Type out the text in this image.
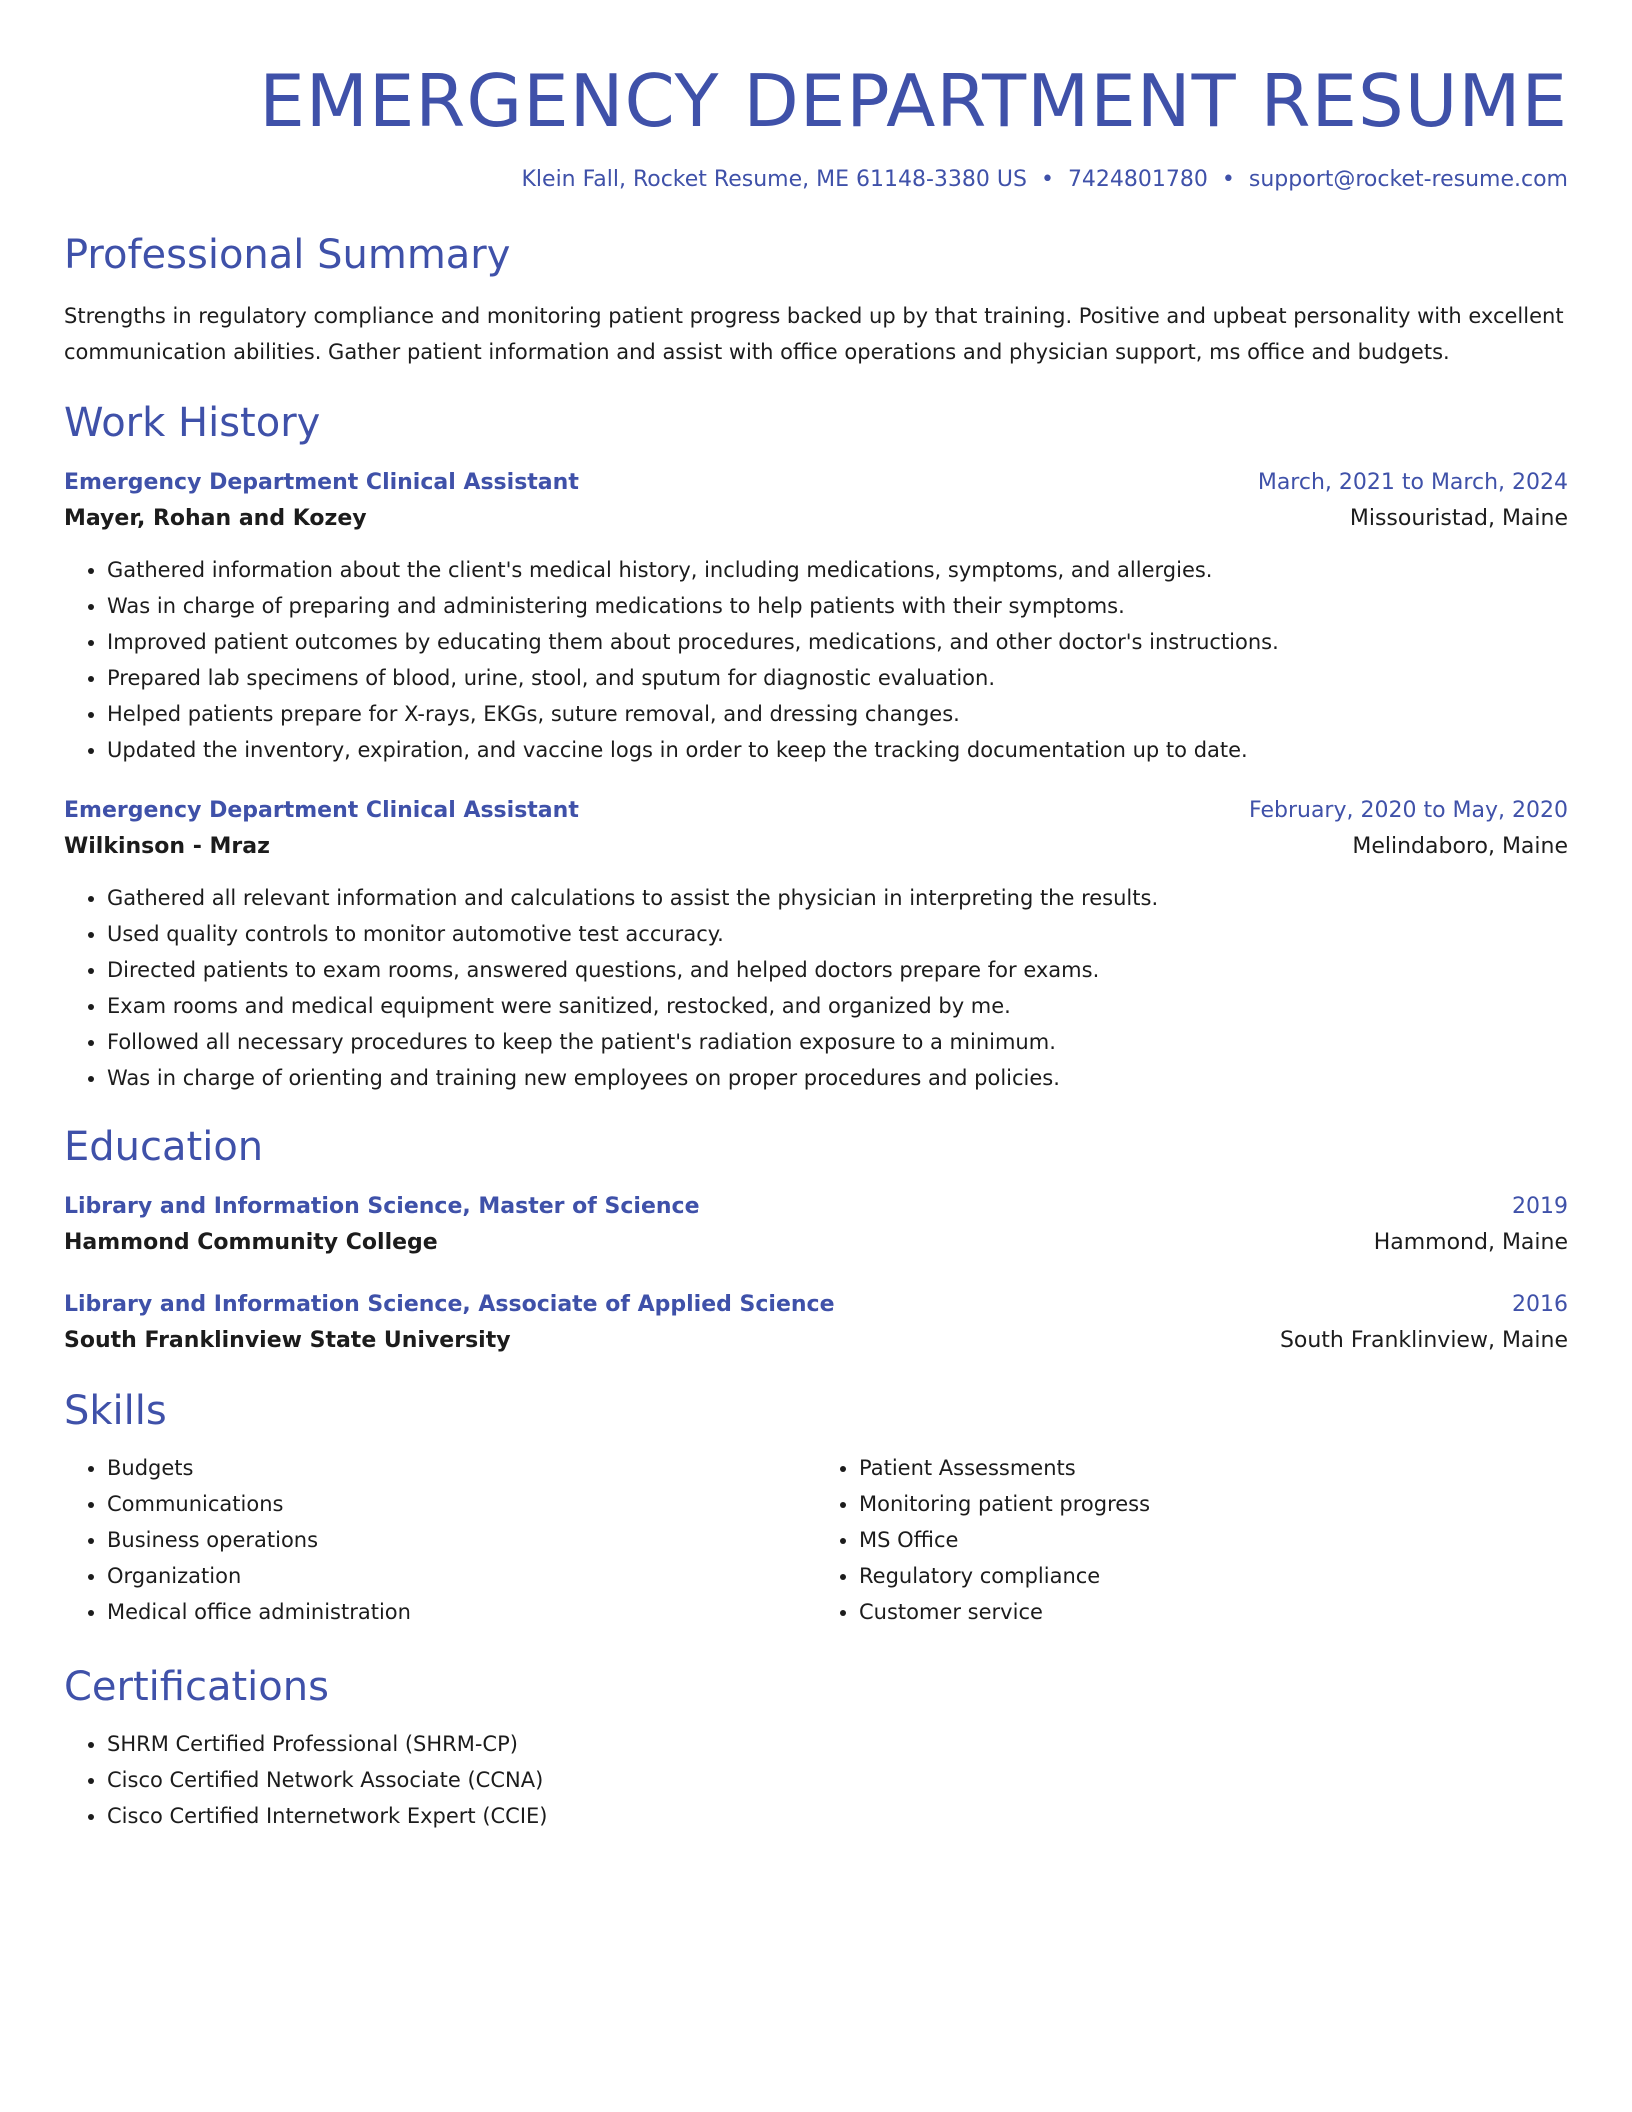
EMERGENCY DEPARTMENT RESUME
Klein Fall, Rocket Resume, ME 61148-3380 US • 7424801780 • support@rocket-resume.com
Professional Summary
Strengths in regulatory compliance and monitoring patient progress backed up by that training. Positive and upbeat personality with excellent communication abilities. Gather patient information and assist with office operations and physician support, ms office and budgets.
Work History
Emergency Department Clinical Assistant	March, 2021 to March, 2024
Mayer, Rohan and Kozey	Missouristad, Maine
• Gathered information about the client's medical history, including medications, symptoms, and allergies.
• Was in charge of preparing and administering medications to help patients with their symptoms.
• Improved patient outcomes by educating them about procedures, medications, and other doctor's instructions.
• Prepared lab specimens of blood, urine, stool, and sputum for diagnostic evaluation.
• Helped patients prepare for X-rays, EKGs, suture removal, and dressing changes.
• Updated the inventory, expiration, and vaccine logs in order to keep the tracking documentation up to date.
Emergency Department Clinical Assistant	February, 2020 to May, 2020
Wilkinson - Mraz	Melindaboro, Maine
• Gathered all relevant information and calculations to assist the physician in interpreting the results.
• Used quality controls to monitor automotive test accuracy.
• Directed patients to exam rooms, answered questions, and helped doctors prepare for exams.
• Exam rooms and medical equipment were sanitized, restocked, and organized by me.
• Followed all necessary procedures to keep the patient's radiation exposure to a minimum.
• Was in charge of orienting and training new employees on proper procedures and policies.
Education
Library and Information Science, Master of Science	2019
Hammond Community College	Hammond, Maine
Library and Information Science, Associate of Applied Science	2016
South Franklinview State University	South Franklinview, Maine
Skills
• Budgets
• Communications
• Business operations
• Organization
• Medical office administration
• Patient Assessments
• Monitoring patient progress
• MS Office
• Regulatory compliance
• Customer service
Certifications
• SHRM Certified Professional (SHRM-CP)
• Cisco Certified Network Associate (CCNA)
• Cisco Certified Internetwork Expert (CCIE)
